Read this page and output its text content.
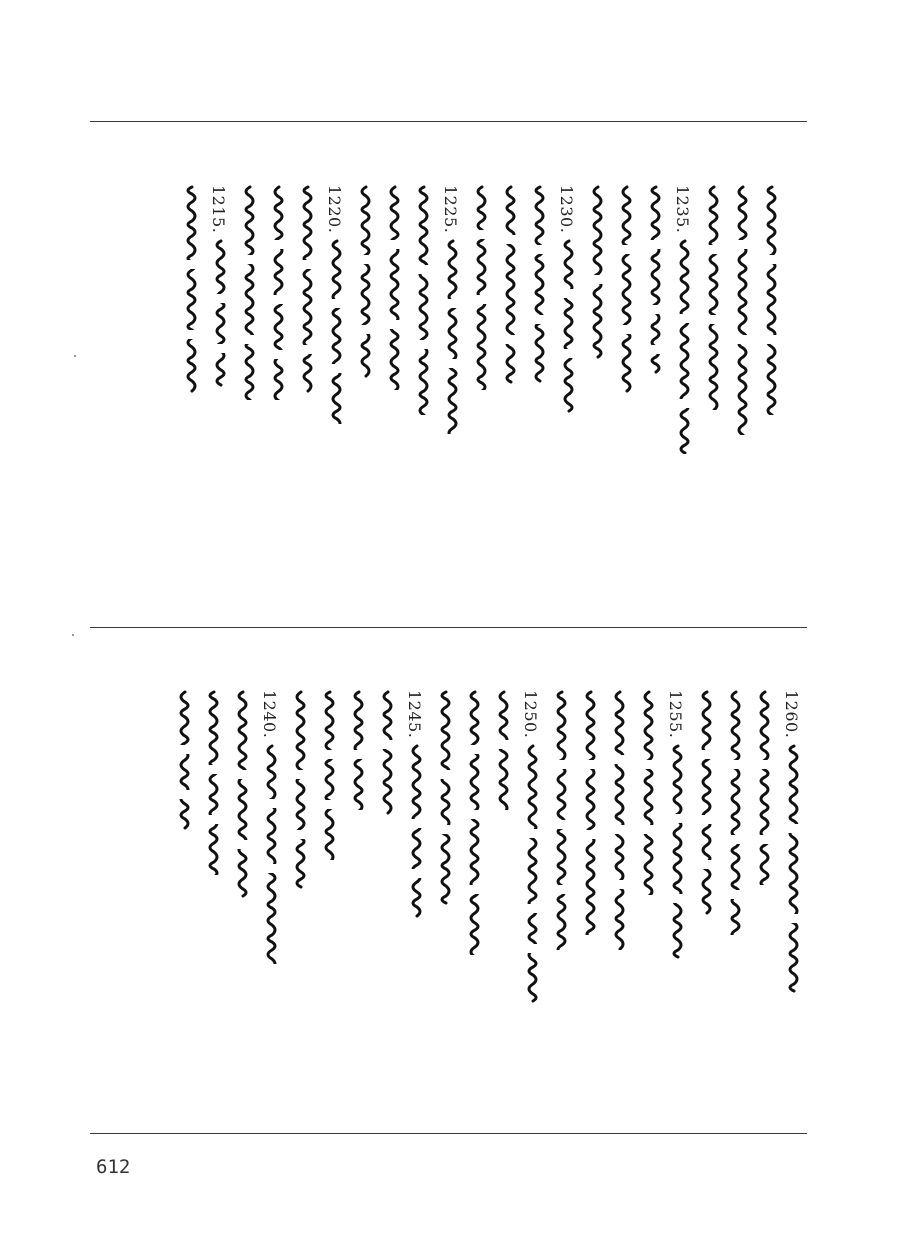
1235.
1230.
1225.
1220.
1215.
1260.
1255.
1250.
1245.
1240.
612
